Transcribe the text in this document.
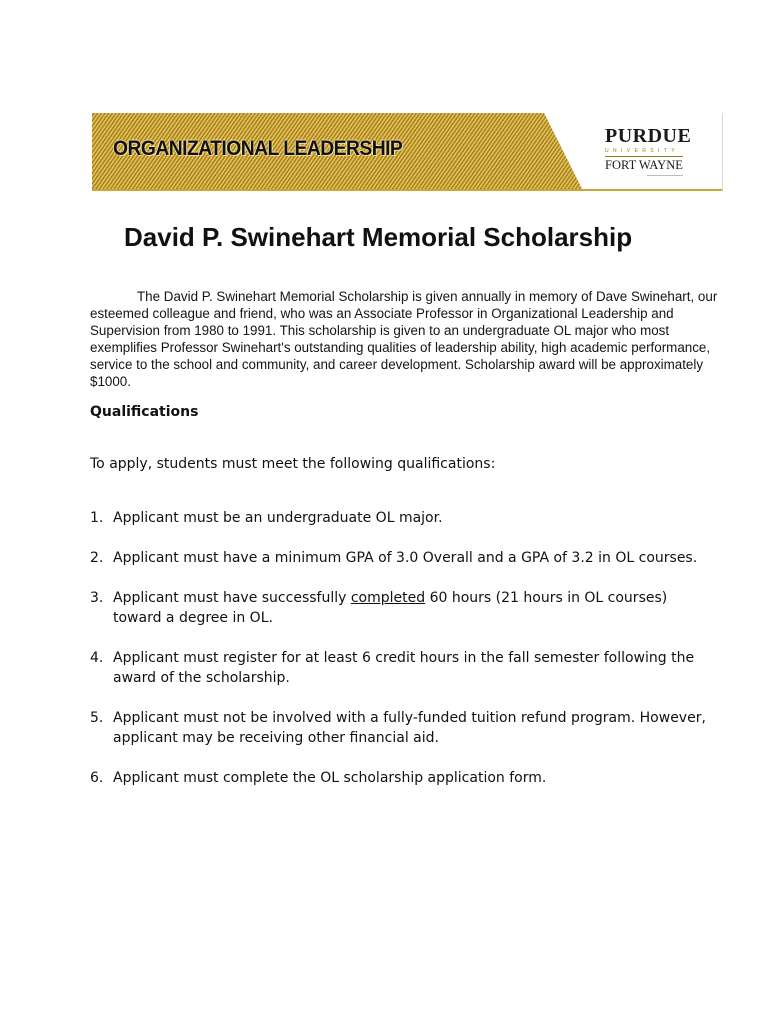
ORGANIZATIONAL LEADERSHIP
PURDUE
UNIVERSITY
FORT WAYNE
David P. Swinehart Memorial Scholarship

The David P. Swinehart Memorial Scholarship is given annually in memory of Dave Swinehart, our esteemed colleague and friend, who was an Associate Professor in Organizational Leadership and Supervision from 1980 to 1991. This scholarship is given to an undergraduate OL major who most exemplifies Professor Swinehart's outstanding qualities of leadership ability, high academic performance, service to the school and community, and career development. Scholarship award will be approximately $1000.

Qualifications

To apply, students must meet the following qualifications:

1. Applicant must be an undergraduate OL major.
2. Applicant must have a minimum GPA of 3.0 Overall and a GPA of 3.2 in OL courses.
3. Applicant must have successfully completed 60 hours (21 hours in OL courses) toward a degree in OL.
4. Applicant must register for at least 6 credit hours in the fall semester following the award of the scholarship.
5. Applicant must not be involved with a fully-funded tuition refund program. However, applicant may be receiving other financial aid.
6. Applicant must complete the OL scholarship application form.
